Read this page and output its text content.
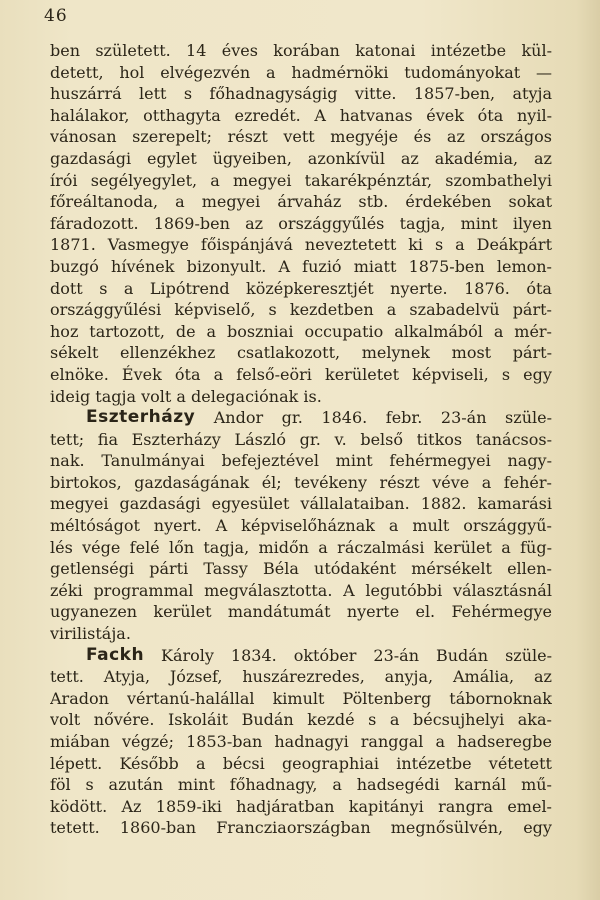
46
ben született. 14 éves korában katonai intézetbe kül-
detett, hol elvégezvén a hadmérnöki tudományokat —
huszárrá lett s főhadnagyságig vitte. 1857-ben, atyja
halálakor, otthagyta ezredét. A hatvanas évek óta nyil-
vánosan szerepelt; részt vett megyéje és az országos
gazdasági egylet ügyeiben, azonkívül az akadémia, az
írói segélyegylet, a megyei takarékpénztár, szombathelyi
főreáltanoda, a megyei árvaház stb. érdekében sokat
fáradozott. 1869-ben az országgyűlés tagja, mint ilyen
1871. Vasmegye főispánjává neveztetett ki s a Deákpárt
buzgó hívének bizonyult. A fuzió miatt 1875-ben lemon-
dott s a Lipótrend középkeresztjét nyerte. 1876. óta
országgyűlési képviselő, s kezdetben a szabadelvü párt-
hoz tartozott, de a boszniai occupatio alkalmából a mér-
sékelt ellenzékhez csatlakozott, melynek most párt-
elnöke. Évek óta a felső-eöri kerületet képviseli, s egy
ideig tagja volt a delegaciónak is.
Eszterházy Andor gr. 1846. febr. 23-án szüle-
tett; fia Eszterházy László gr. v. belső titkos tanácsos-
nak. Tanulmányai befejeztével mint fehérmegyei nagy-
birtokos, gazdaságának él; tevékeny részt véve a fehér-
megyei gazdasági egyesület vállalataiban. 1882. kamarási
méltóságot nyert. A képviselőháznak a mult országgyű-
lés vége felé lőn tagja, midőn a ráczalmási kerület a füg-
getlenségi párti Tassy Béla utódaként mérsékelt ellen-
zéki programmal megválasztotta. A legutóbbi választásnál
ugyanezen kerület mandátumát nyerte el. Fehérmegye
virilistája.
Fackh Károly 1834. október 23-án Budán szüle-
tett. Atyja, József, huszárezredes, anyja, Amália, az
Aradon vértanú-halállal kimult Pöltenberg tábornoknak
volt nővére. Iskoláit Budán kezdé s a bécsujhelyi aka-
miában végzé; 1853-ban hadnagyi ranggal a hadseregbe
lépett. Később a bécsi geographiai intézetbe vétetett
föl s azután mint főhadnagy, a hadsegédi karnál mű-
ködött. Az 1859-iki hadjáratban kapitányi rangra emel-
tetett. 1860-ban Francziaországban megnősülvén, egy
